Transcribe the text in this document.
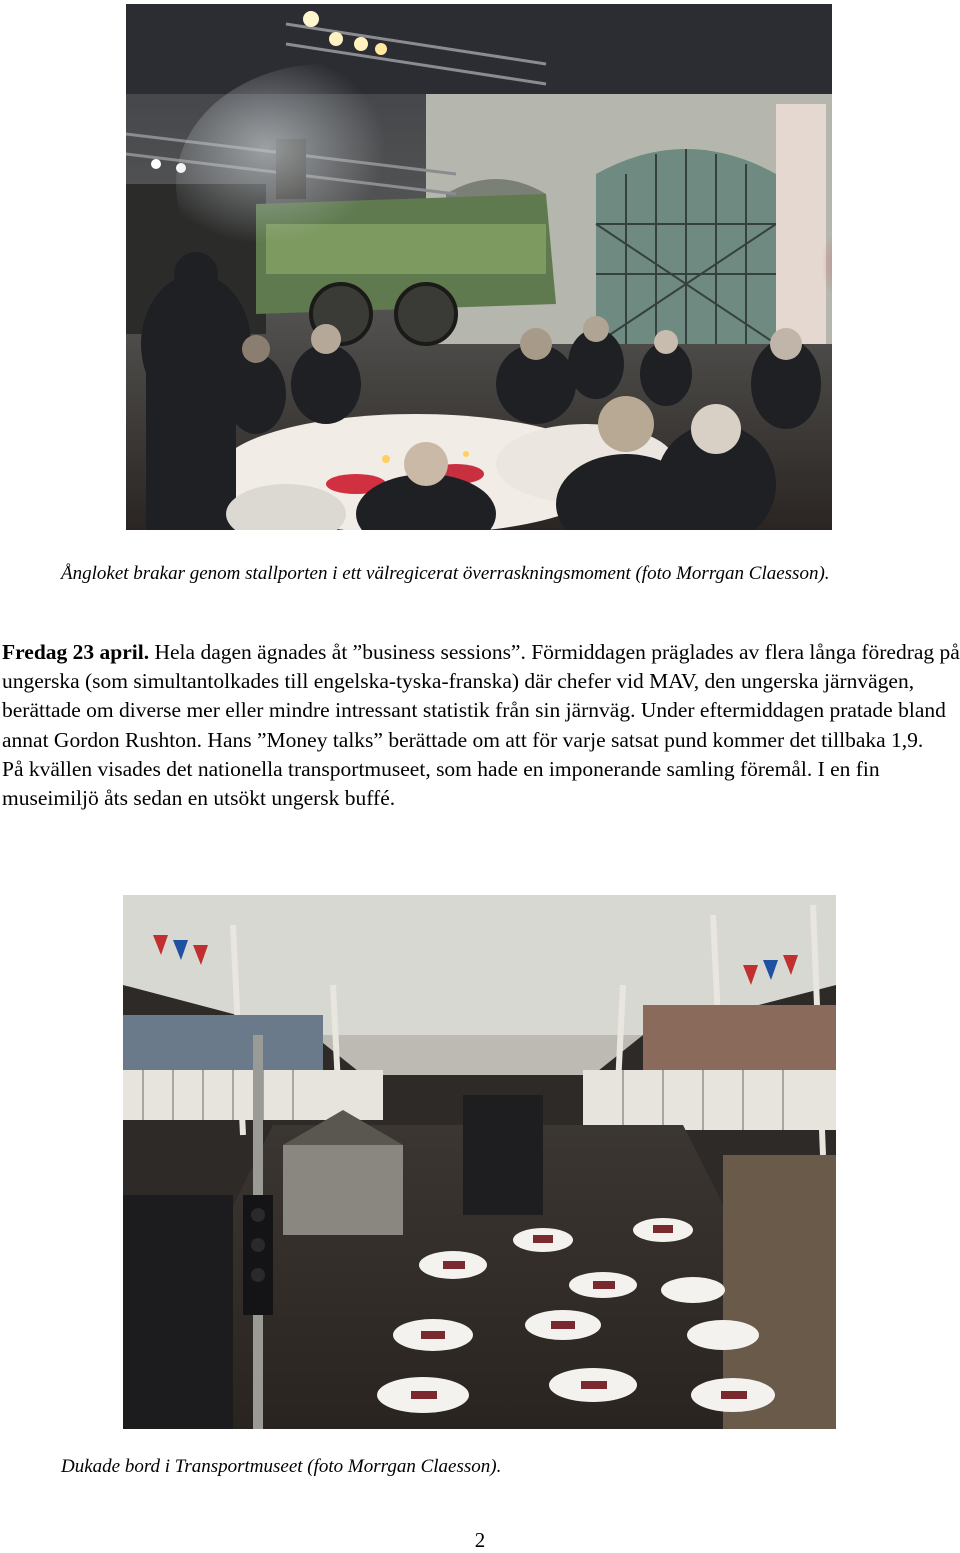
Ångloket brakar genom stallporten i ett välregicerat överraskningsmoment (foto Morrgan Claesson).

Fredag 23 april. Hela dagen ägnades åt ”business sessions”. Förmiddagen präglades av flera långa föredrag på ungerska (som simultantolkades till engelska-tyska-franska) där chefer vid MAV, den ungerska järnvägen, berättade om diverse mer eller mindre intressant statistik från sin järnväg. Under eftermiddagen pratade bland annat Gordon Rushton. Hans ”Money talks” berättade om att för varje satsat pund kommer det tillbaka 1,9.

På kvällen visades det nationella transportmuseet, som hade en imponerande samling föremål. I en fin museimiljö åts sedan en utsökt ungersk buffé.

Dukade bord i Transportmuseet (foto Morrgan Claesson).

2
